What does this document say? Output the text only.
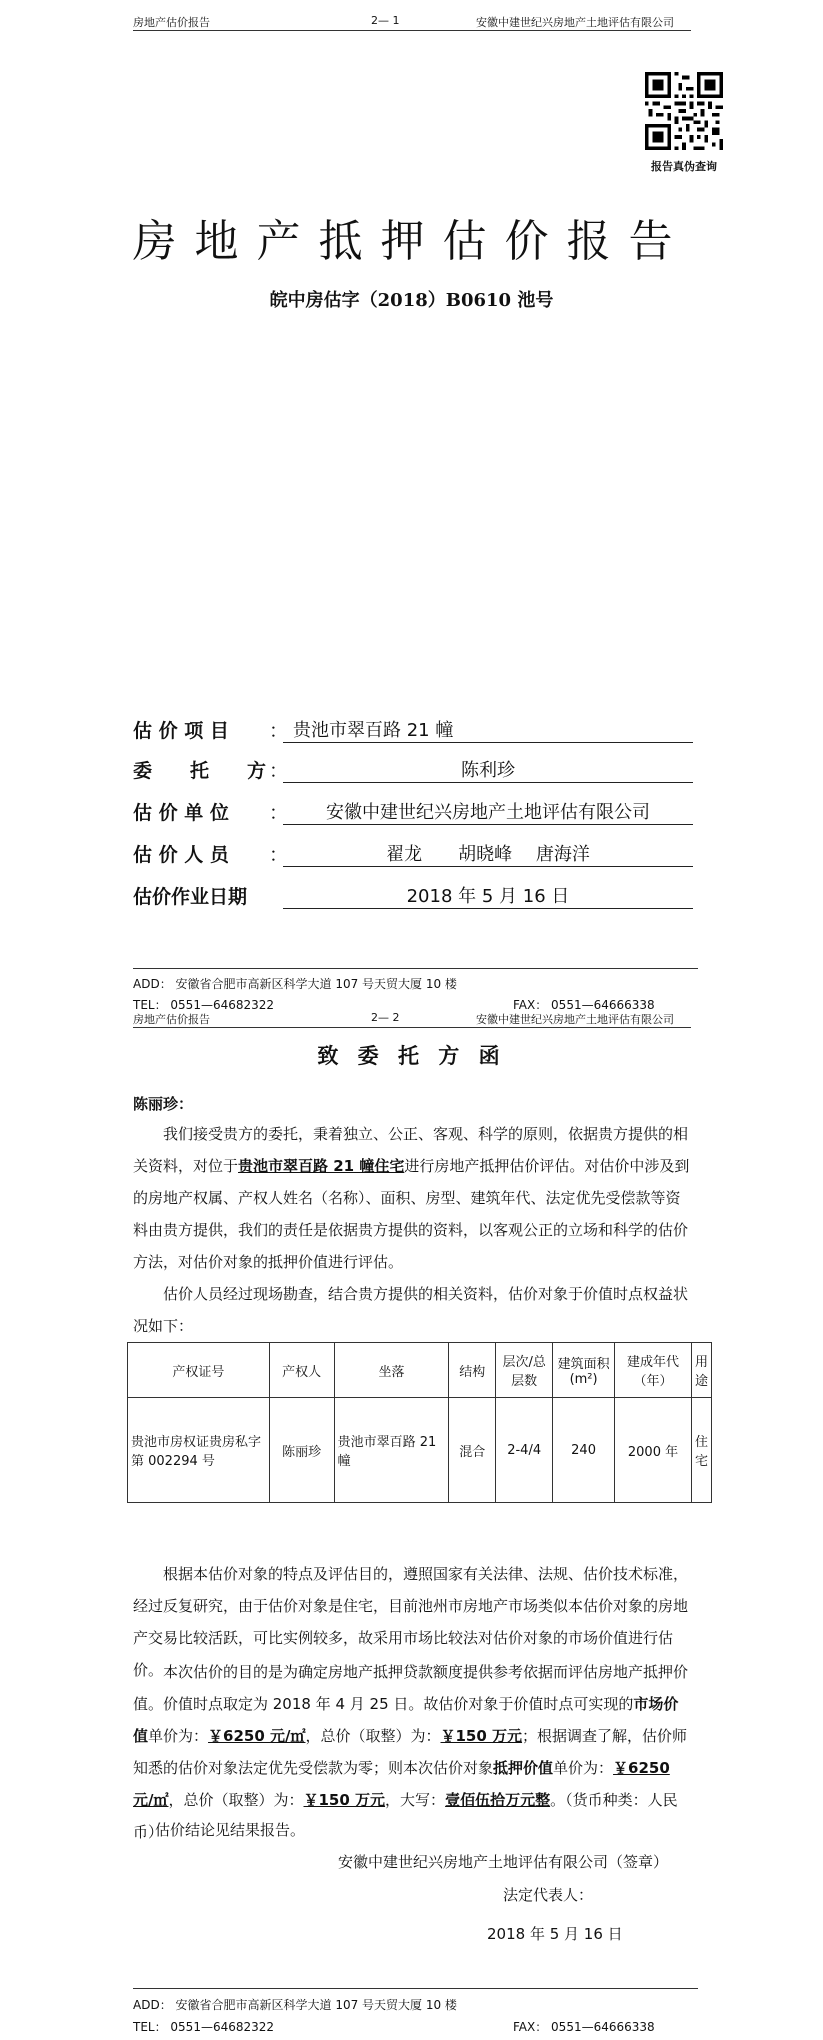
房地产估价报告	2— 1	安徽中建世纪兴房地产土地评估有限公司
报告真伪查询
房地产抵押估价报告
皖中房估字（2018）B0610 池号
估 价 项 目 ： 贵池市翠百路 21 幢
委　　托　　方 ：	陈利珍
估 价 单 位 ：	安徽中建世纪兴房地产土地评估有限公司
估 价 人 员 ：	翟龙　　胡晓峰　 唐海洋
估价作业日期	2018 年 5 月 16 日
ADD： 安徽省合肥市高新区科学大道 107 号天贸大厦 10 楼
TEL： 0551—64682322	FAX： 0551—64666338
房地产估价报告	2— 2	安徽中建世纪兴房地产土地评估有限公司
致 委 托 方 函
陈丽珍：
我们接受贵方的委托，秉着独立、公正、客观、科学的原则，依据贵方提供的相关资料，对位于贵池市翠百路 21 幢住宅进行房地产抵押估价评估。对估价中涉及到的房地产权属、产权人姓名（名称）、面积、房型、建筑年代、法定优先受偿款等资料由贵方提供，我们的责任是依据贵方提供的资料，以客观公正的立场和科学的估价方法，对估价对象的抵押价值进行评估。
估价人员经过现场勘查，结合贵方提供的相关资料，估价对象于价值时点权益状况如下：
产权证号	产权人	坐落	结构	层次/总层数	建筑面积(m²)	建成年代（年）	用途
贵池市房权证贵房私字第 002294 号	陈丽珍	贵池市翠百路 21 幢	混合	2-4/4	240	2000 年	住宅
根据本估价对象的特点及评估目的，遵照国家有关法律、法规、估价技术标准，经过反复研究，由于估价对象是住宅，目前池州市房地产市场类似本估价对象的房地产交易比较活跃，可比实例较多，故采用市场比较法对估价对象的市场价值进行估价。 本次估价的目的是为确定房地产抵押贷款额度提供参考依据而评估房地产抵押价值。价值时点取定为 2018 年 4 月 25 日。故估价对象于价值时点可实现的市场价值单价为：￥6250 元/㎡，总价（取整）为：￥150 万元；根据调查了解，估价师知悉的估价对象法定优先受偿款为零；则本次估价对象抵押价值单价为：￥6250 元/㎡，总价（取整）为：￥150 万元，大写：壹佰伍拾万元整。（货币种类：人民币）
估价结论见结果报告。
安徽中建世纪兴房地产土地评估有限公司（签章）
法定代表人：
2018 年 5 月 16 日
ADD： 安徽省合肥市高新区科学大道 107 号天贸大厦 10 楼
TEL： 0551—64682322	FAX： 0551—64666338
